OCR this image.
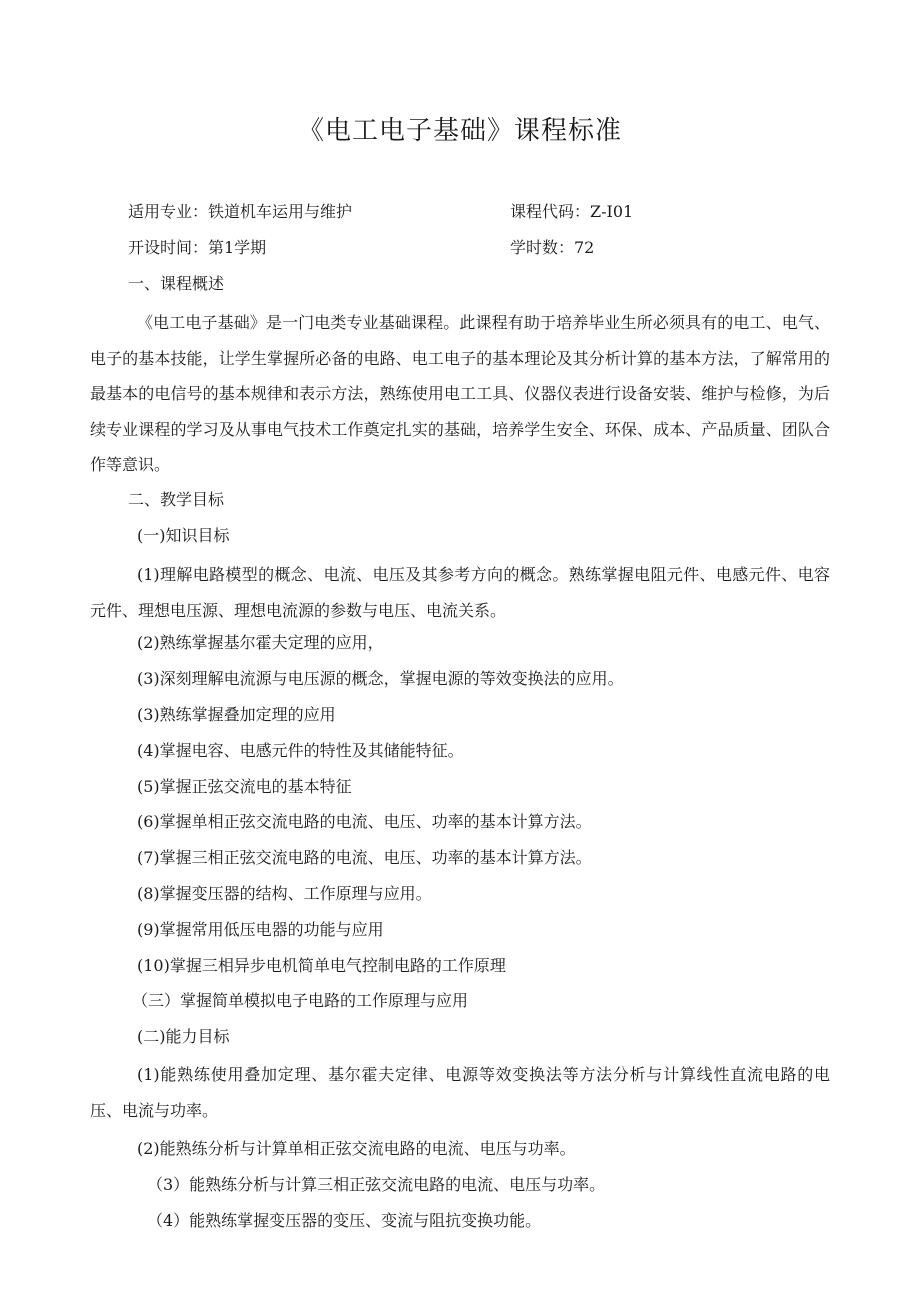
《电工电子基础》课程标准
适用专业：铁道机车运用与维护	课程代码：Z-I01
开设时间：第1学期	学时数：72
一、课程概述
《电工电子基础》是一门电类专业基础课程。此课程有助于培养毕业生所必须具有的电工、电气、电子的基本技能，让学生掌握所必备的电路、电工电子的基本理论及其分析计算的基本方法，了解常用的最基本的电信号的基本规律和表示方法，熟练使用电工工具、仪器仪表进行设备安装、维护与检修，为后续专业课程的学习及从事电气技术工作奠定扎实的基础，培养学生安全、环保、成本、产品质量、团队合作等意识。
二、教学目标
(一)知识目标
(1)理解电路模型的概念、电流、电压及其参考方向的概念。熟练掌握电阻元件、电感元件、电容元件、理想电压源、理想电流源的参数与电压、电流关系。
(2)熟练掌握基尔霍夫定理的应用，
(3)深刻理解电流源与电压源的概念，掌握电源的等效变换法的应用。
(3)熟练掌握叠加定理的应用
(4)掌握电容、电感元件的特性及其储能特征。
(5)掌握正弦交流电的基本特征
(6)掌握单相正弦交流电路的电流、电压、功率的基本计算方法。
(7)掌握三相正弦交流电路的电流、电压、功率的基本计算方法。
(8)掌握变压器的结构、工作原理与应用。
(9)掌握常用低压电器的功能与应用
(10)掌握三相异步电机简单电气控制电路的工作原理
（三）掌握简单模拟电子电路的工作原理与应用
(二)能力目标
(1)能熟练使用叠加定理、基尔霍夫定律、电源等效变换法等方法分析与计算线性直流电路的电压、电流与功率。
(2)能熟练分析与计算单相正弦交流电路的电流、电压与功率。
（3）能熟练分析与计算三相正弦交流电路的电流、电压与功率。
（4）能熟练掌握变压器的变压、变流与阻抗变换功能。
